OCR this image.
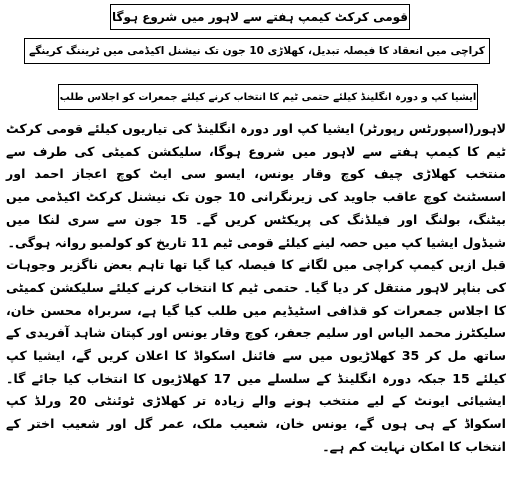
قومی کرکٹ کیمپ ہفتے سے لاہور میں شروع ہوگا
کراچی میں انعقاد کا فیصلہ تبدیل، کھلاڑی 10 جون تک نیشنل اکیڈمی میں ٹریننگ کرینگے
ایشیا کپ و دورہ انگلینڈ کیلئے حتمی ٹیم کا انتخاب کرنے کیلئے جمعرات کو اجلاس طلب

لاہور(اسپورٹس رپورٹر) ایشیا کپ اور دورہ انگلینڈ کی تیاریوں کیلئے قومی کرکٹ ٹیم کا کیمپ ہفتے سے لاہور میں شروع ہوگا، سلیکشن کمیٹی کی طرف سے منتخب کھلاڑی چیف کوچ وقار یونس، ایسو سی ایٹ کوچ اعجاز احمد اور اسسٹنٹ کوچ عاقب جاوید کی زیرنگرانی 10 جون تک نیشنل کرکٹ اکیڈمی میں بیٹنگ، بولنگ اور فیلڈنگ کی پریکٹس کریں گے۔ 15 جون سے سری لنکا میں شیڈول ایشیا کپ میں حصہ لینے کیلئے قومی ٹیم 11 تاریخ کو کولمبو روانہ ہوگی۔

قبل ازیں کیمپ کراچی میں لگانے کا فیصلہ کیا گیا تھا تاہم بعض ناگزیر وجوہات کی بناپر لاہور منتقل کر دیا گیا۔ حتمی ٹیم کا انتخاب کرنے کیلئے سلیکشن کمیٹی کا اجلاس جمعرات کو قذافی اسٹیڈیم میں طلب کیا گیا ہے، سربراہ محسن خان، سلیکٹرز محمد الیاس اور سلیم جعفر، کوچ وقار یونس اور کپتان شاہد آفریدی کے ساتھ مل کر 35 کھلاڑیوں میں سے فائنل اسکواڈ کا اعلان کریں گے، ایشیا کپ کیلئے 15 جبکہ دورہ انگلینڈ کے سلسلے میں 17 کھلاڑیوں کا انتخاب کیا جائے گا۔ ایشیائی ایونٹ کے لیے منتخب ہونے والے زیادہ تر کھلاڑی ٹوئنٹی 20 ورلڈ کپ اسکواڈ کے ہی ہوں گے، یونس خان، شعیب ملک، عمر گل اور شعیب اختر کے انتخاب کا امکان نہایت کم ہے۔
